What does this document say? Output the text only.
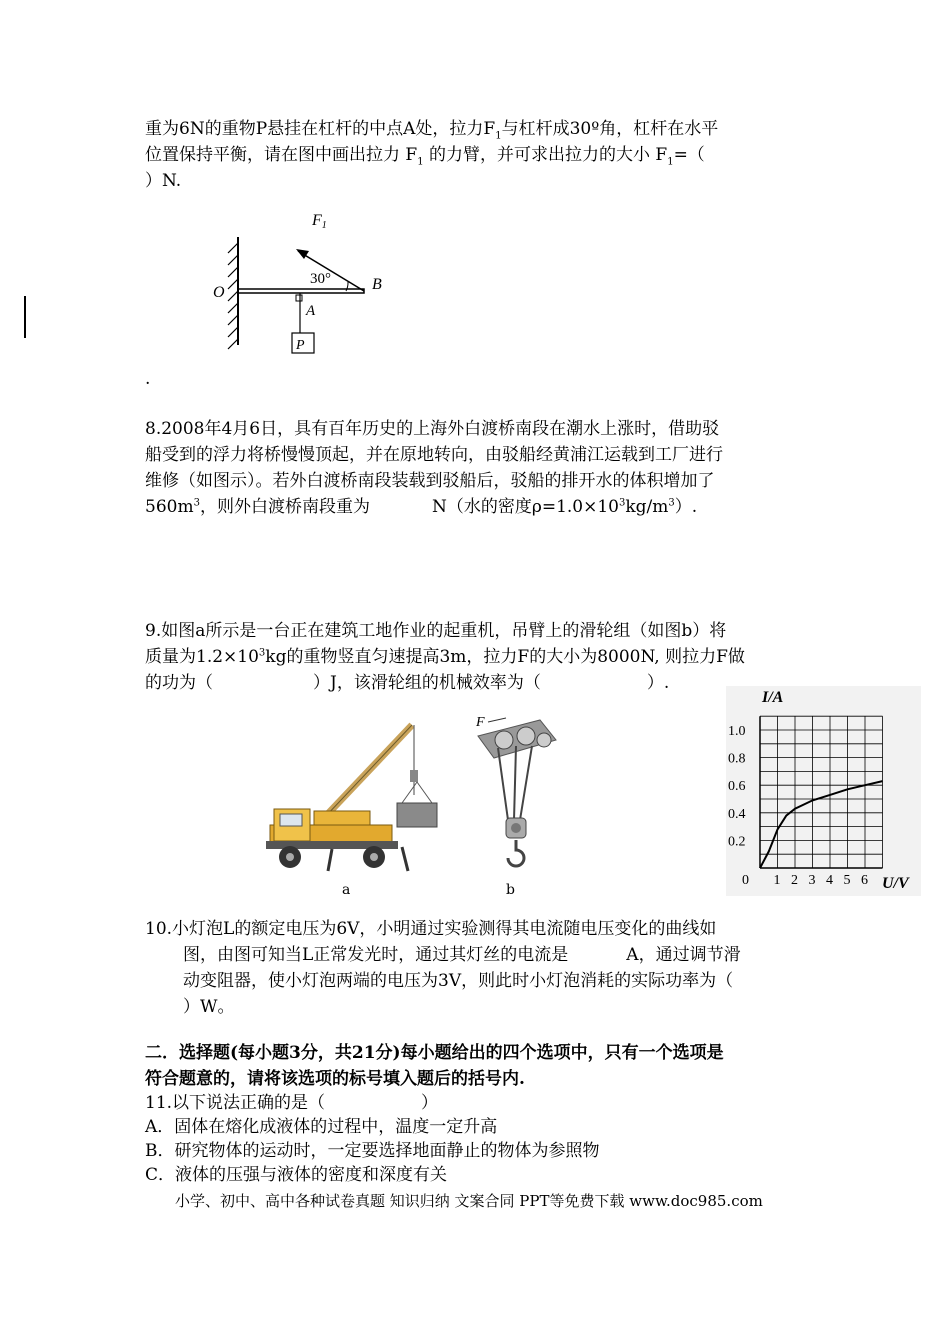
重为6N的重物P悬挂在杠杆的中点A处，拉力$F_1$与杠杆成30º角，杠杆在水平
位置保持平衡，请在图中画出拉力 $F_1$ 的力臂，并可求出拉力的大小 $F_1=$（
）N.
F1
30°
O
A
B
P
.
8.2008年4月6日，具有百年历史的上海外白渡桥南段在潮水上涨时，借助驳
船受到的浮力将桥慢慢顶起，并在原地转向，由驳船经黄浦江运载到工厂进行
维修（如图示）。若外白渡桥南段装载到驳船后，驳船的排开水的体积增加了
$560m^3$，则外白渡桥南段重为	N（水的密度$\rho=1.0\times 10^3kg/m^3$）.
9.如图a所示是一台正在建筑工地作业的起重机，吊臂上的滑轮组（如图b）将
质量为$1.2\times 10^3kg$的重物竖直匀速提高3m，拉力F的大小为8000N, 则拉力F做
的功为（	）J，该滑轮组的机械效率为（	）.
a
F
b
0 1 2 3 4 5 6
0.2
0.4
0.6
0.8
1.0
I/A
U/V
10.小灯泡L的额定电压为6V，小明通过实验测得其电流随电压变化的曲线如
图，由图可知当L正常发光时，通过其灯丝的电流是	A，通过调节滑
动变阻器，使小灯泡两端的电压为3V，则此时小灯泡消耗的实际功率为（
）W。
二．选择题(每小题3分，共21分)每小题给出的四个选项中，只有一个选项是
符合题意的，请将该选项的标号填入题后的括号内.
11.以下说法正确的是（	）
A．固体在熔化成液体的过程中，温度一定升高
B．研究物体的运动时，一定要选择地面静止的物体为参照物
C．液体的压强与液体的密度和深度有关
小学、初中、高中各种试卷真题 知识归纳 文案合同 PPT等免费下载 www.doc985.com
